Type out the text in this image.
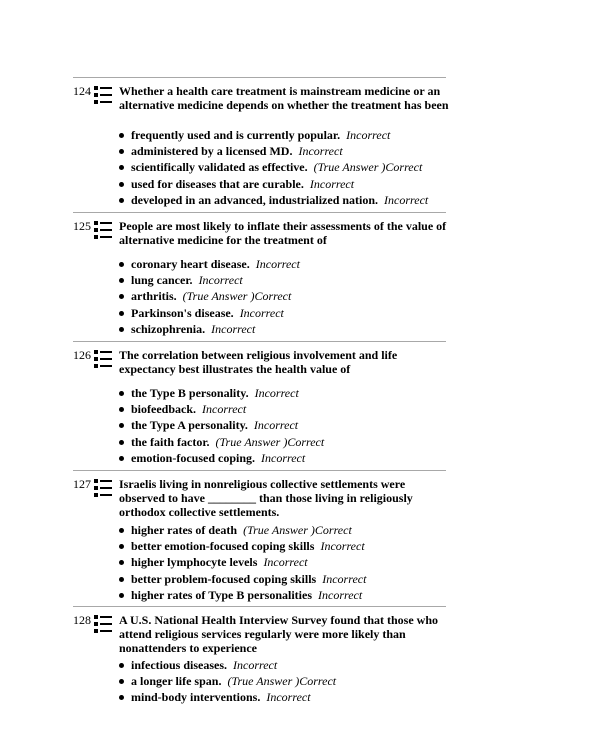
124 Whether a health care treatment is mainstream medicine or an alternative medicine depends on whether the treatment has been
frequently used and is currently popular. Incorrect
administered by a licensed MD. Incorrect
scientifically validated as effective. (True Answer )Correct
used for diseases that are curable. Incorrect
developed in an advanced, industrialized nation. Incorrect
125 People are most likely to inflate their assessments of the value of alternative medicine for the treatment of
coronary heart disease. Incorrect
lung cancer. Incorrect
arthritis. (True Answer )Correct
Parkinson's disease. Incorrect
schizophrenia. Incorrect
126 The correlation between religious involvement and life expectancy best illustrates the health value of
the Type B personality. Incorrect
biofeedback. Incorrect
the Type A personality. Incorrect
the faith factor. (True Answer )Correct
emotion-focused coping. Incorrect
127 Israelis living in nonreligious collective settlements were observed to have ________ than those living in religiously orthodox collective settlements.
higher rates of death (True Answer )Correct
better emotion-focused coping skills Incorrect
higher lymphocyte levels Incorrect
better problem-focused coping skills Incorrect
higher rates of Type B personalities Incorrect
128 A U.S. National Health Interview Survey found that those who attend religious services regularly were more likely than nonattenders to experience
infectious diseases. Incorrect
a longer life span. (True Answer )Correct
mind-body interventions. Incorrect
